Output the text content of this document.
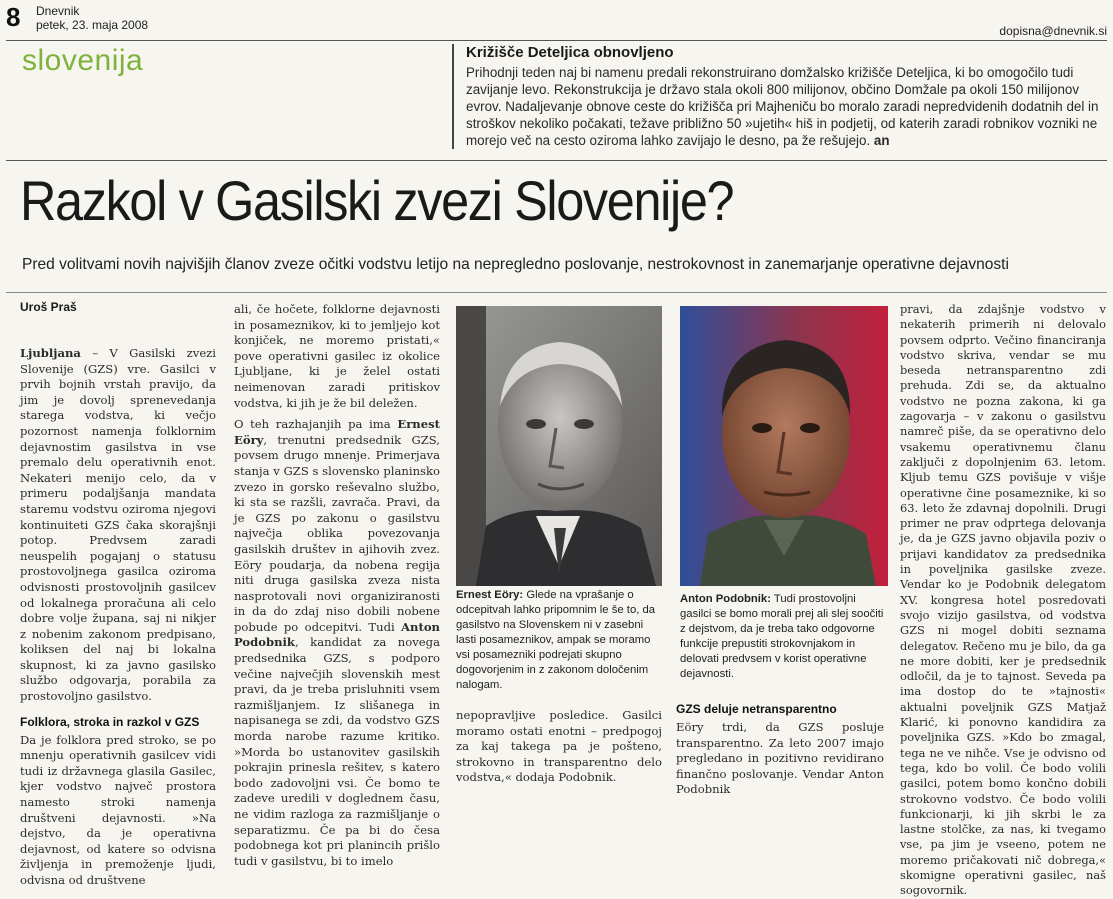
8 Dnevnik
petek, 23. maja 2008	dopisna@dnevnik.si
slovenija	Križišče Deteljica obnovljeno
Prihodnji teden naj bi namenu predali rekonstruirano domžalsko križišče Deteljica, ki bo omogočilo tudi zavijanje levo. Rekonstrukcija je državo stala okoli 800 milijonov, občino Domžale pa okoli 150 milijonov evrov. Nadaljevanje obnove ceste do križišča pri Majheniču bo moralo zaradi nepredvidenih dodatnih del in stroškov nekoliko počakati, težave približno 50 »ujetih« hiš in podjetij, od katerih zaradi robnikov vozniki ne morejo več na cesto oziroma lahko zavijajo le desno, pa že rešujejo. an
Razkol v Gasilski zvezi Slovenije?
Pred volitvami novih najvišjih članov zveze očitki vodstvu letijo na nepregledno poslovanje, nestrokovnost in zanemarjanje operativne dejavnosti
Uroš Praš

Ljubljana – V Gasilski zvezi Slovenije (GZS) vre. Gasilci v prvih bojnih vrstah pravijo, da jim je dovolj sprenevedanja starega vodstva, ki večjo pozornost namenja folklornim dejavnostim gasilstva in vse premalo delu operativnih enot. Nekateri menijo celo, da v primeru podaljšanja mandata staremu vodstvu oziroma njegovi kontinuiteti GZS čaka skorajšnji potop. Predvsem zaradi neuspelih pogajanj o statusu prostovoljnega gasilca oziroma odvisnosti prostovoljnih gasilcev od lokalnega proračuna ali celo dobre volje župana, saj ni nikjer z nobenim zakonom predpisano, koliksen del naj bi lokalna skupnost, ki za javno gasilsko službo odgovarja, porabila za prostovoljno gasilstvo.

Folklora, stroka in razkol v GZS

Da je folklora pred stroko, se po mnenju operativnih gasilcev vidi tudi iz državnega glasila Gasilec, kjer vodstvo največ prostora namesto stroki namenja društveni dejavnosti. »Na dejstvo, da je operativna dejavnost, od katere so odvisna življenja in premoženje ljudi, odvisna od društvene

ali, če hočete, folklorne dejavnosti in posameznikov, ki to jemljejo kot konjiček, ne moremo pristati,« pove operativni gasilec iz okolice Ljubljane, ki je želel ostati neimenovan zaradi pritiskov vodstva, ki jih je že bil deležen.

O teh razhajanjih pa ima Ernest Eöry, trenutni predsednik GZS, povsem drugo mnenje. Primerjava stanja v GZS s slovensko planinsko zvezo in gorsko reševalno službo, ki sta se razšli, zavrača. Pravi, da je GZS po zakonu o gasilstvu največja oblika povezovanja gasilskih društev in ajihovih zvez. Eöry poudarja, da nobena regija niti druga gasilska zveza nista nasprotovali novi organiziranosti in da do zdaj niso dobili nobene pobude po odcepitvi. Tudi Anton Podobnik, kandidat za novega predsednika GZS, s podporo večine največjih slovenskih mest pravi, da je treba prisluhniti vsem razmišljanjem. Iz slišanega in napisanega se zdi, da vodstvo GZS morda narobe razume kritiko. »Morda bo ustanovitev gasilskih pokrajin prinesla rešitev, s katero bodo zadovoljni vsi. Če bomo te zadeve uredili v doglednem času, ne vidim razloga za razmišljanje o separatizmu. Če pa bi do česa podobnega kot pri planincih prišlo tudi v gasilstvu, bi to imelo

Ernest Eöry: Glede na vprašanje o odcepitvah lahko pripomnim le še to, da gasilstvo na Slovenskem ni v zasebni lasti posameznikov, ampak se moramo vsi posamezniki podrejati skupno dogovorjenim in z zakonom določenim nalogam.
Anton Podobnik: Tudi prostovoljni gasilci se bomo morali prej ali slej soočiti z dejstvom, da je treba tako odgovorne funkcije prepustiti strokovnjakom in delovati predvsem v korist operativne dejavnosti.

nepopravljive posledice. Gasilci moramo ostati enotni – predpogoj za kaj takega pa je pošteno, strokovno in transparentno delo vodstva,« dodaja Podobnik.

GZS deluje netransparentno

Eöry trdi, da GZS posluje transparentno. Za leto 2007 imajo pregledano in pozitivno revidirano finančno poslovanje. Vendar Anton Podobnik

pravi, da zdajšnje vodstvo v nekaterih primerih ni delovalo povsem odprto. Večino financiranja vodstvo skriva, vendar se mu beseda netransparentno zdi prehuda. Zdi se, da aktualno vodstvo ne pozna zakona, ki ga zagovarja – v zakonu o gasilstvu namreč piše, da se operativno delo vsakemu operativnemu članu zaključi z dopolnjenim 63. letom. Kljub temu GZS povišuje v višje operativne čine posameznike, ki so 63. leto že zdavnaj dopolnili. Drugi primer ne prav odprtega delovanja je, da je GZS javno objavila poziv o prijavi kandidatov za predsednika in poveljnika gasilske zveze. Vendar ko je Podobnik delegatom XV. kongresa hotel posredovati svojo vizijo gasilstva, od vodstva GZS ni mogel dobiti seznama delegatov. Rečeno mu je bilo, da ga ne more dobiti, ker je predsednik odločil, da je to tajnost. Seveda pa ima dostop do te »tajnosti« aktualni poveljnik GZS Matjaž Klarić, ki ponovno kandidira za poveljnika GZS. »Kdo bo zmagal, tega ne ve nihče. Vse je odvisno od tega, kdo bo volil. Če bodo volili gasilci, potem bomo končno dobili strokovno vodstvo. Če bodo volili funkcionarji, ki jih skrbi le za lastne stolčke, za nas, ki tvegamo vse, pa jim je vseeno, potem ne moremo pričakovati nič dobrega,« skomigne operativni gasilec, naš sogovornik.
